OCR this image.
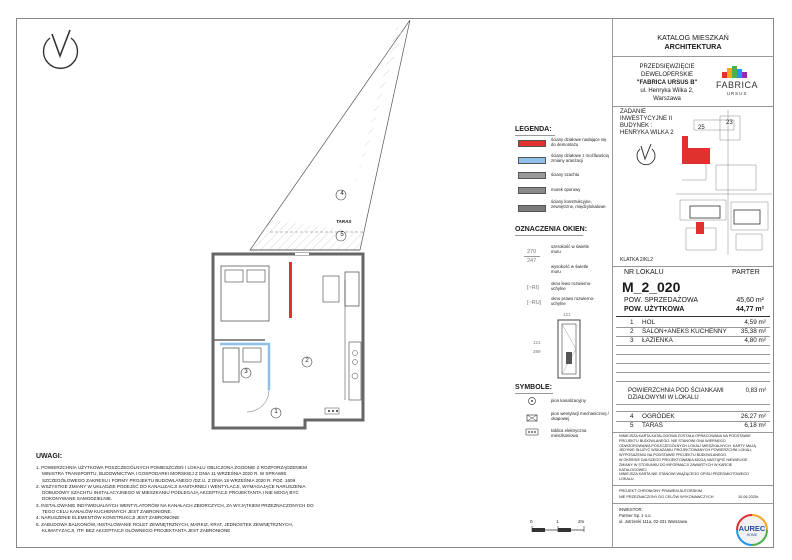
4
5
TARAS
2
3
1
LEGENDA:
ściany działowe nadające się do demontażu
ściany działowe z możliwością zmiany aranżacji
ściany szachtu
murek oporowy
ściany konstrukcyjne, zewnętrzne, międzylokalowe
OZNACZENIA OKIEN:
270
247
szerokość w świetle muru
wysokość w świetle muru
[~RI]
okno lewo rozwierno-uchylne
[~RU]
okno prawo rozwierno-uchylne
121
121
289
SYMBOLE:
pion kanalizacyjny
pion wentylacji mechanicznej / okapowej
tablica elektryczna mieszkaniowa
UWAGI:
1. POWIERZCHNIA UŻYTKOWA POSZCZEGÓLNYCH POMIESZCZEŃ I LOKALU OBLICZONA ZGODNIE Z ROZPORZĄDZENIEM
MINISTRA TRANSPORTU, BUDOWNICTWA I GOSPODARKI MORSKIEJ Z DNIA 11 WRZEŚNIA 2020 R. W SPRAWIE
SZCZEGÓŁOWEGO ZAKRESU I FORMY PROJEKTU BUDOWLANEGO /DZ.U. Z DNIA 18 WRZEŚNIA 2020 R. POZ. 1609
2. WSZYSTKIE ZMIANY W UKŁADZIE PODEJŚĆ DO KANALIZACJI SANITARNEJ I WENTYLACJI, WYMAGAJĄCE NARUSZENIA
DOBUDOWY SZACHTU INSTALACYJNEGO W MIESZKANIU PODLEGAJĄ AKCEPTACJI PROJEKTANTA I NIE MOGĄ BYĆ
DOKONYWANE SAMODZIELNIE.
3. INSTALOWANIE INDYWIDUALNYCH WENTYLATORÓW NA KANAŁACH ZBIORCZYCH, ZA WYJĄTKIEM PRZEZNACZONYCH DO
TEGO CELU KANAŁÓW KUCHENNYCH JEST ZABRONIONE.
4. NARUSZENIE ELEMENTÓW KONSTRUKCJI JEST ZABRONIONE
5. ZABUDOWA BALKONÓW, INSTALOWANIE ROLET ZEWNĘTRZNYCH, MARKIZ, KRAT, JEDNOSTEK ZEWNĘTRZNYCH,
KLIMATYZACJI, ITP. BEZ AKCEPTACJI GŁÓWNEGO PROJEKTANTA JEST ZABRONIONE
0	1	2m
KATALOG MIESZKAŃ
ARCHITEKTURA
PRZEDSIĘWZIĘCIE
DEWELOPERSKIE
"FABRICA URSUS B"
ul. Henryka Wilka 2,
Warszawa
FABRICA
URSUS
ZADANIE
INWESTYCYJNE II
BUDYNEK :
HENRYKA WILKA 2
25
23
KLATKA 2/KL2
NR LOKALU	PARTER
M_2_020
POW. SPRZEDAŻOWA	45,60 m²
POW. UŻYTKOWA	44,77 m²
1 HOL	4,59 m²
2 SALON+ANEKS KUCHENNY 35,38 m²
3 ŁAZIENKA	4,80 m²
POWIERZCHNIA POD ŚCIANKAMI
DZIAŁOWYMI W LOKALU
0,83 m²
4 OGRÓDEK	26,27 m²
5 TARAS	6,18 m²
NINIEJSZA KARTA KATALOGOWA ZOSTAŁA OPRACOWANA NA PODSTAWIE
PROJEKTU BUDOWLANEGO. NIE STANOWI ONA WIERNEGO
ODWZOROWANIA POSZCZEGÓLNYCH LOKALI MIESZKALNYCH. KARTY MAJĄ
JEDYNIE SŁUŻYĆ WSKAZANIU PROJEKTOWANYCH POWIERZCHNI LOKALI,
WYPOSAŻENIU NA PODSTAWIE PROJEKTU BUDOWLANEGO.
W OKRESIE DALSZEGO PROJEKTOWANIA MOGĄ NASTĄPIĆ NIEWIELKIE
ZMIANY W STOSUNKU DO INFORMACJI ZAWARTYCH W KARCIE
KATALOGOWEJ.
NINIEJSZA KARTA NIE STANOWI WIĄŻĄCEGO OPISU PRZEDMIOTOWEGO
LOKALU.
PROJEKT CHRONIONY PRAWEM AUTORSKIM
NIE PRZEZNACZONY DO CELÓW WYKONAWCZYCH	10.06.2020r.
INWESTOR:
Partner Sp. z o.o.
ul. Jutrzenki 111a, 02-231 Warszawa
AUREC
HOME
